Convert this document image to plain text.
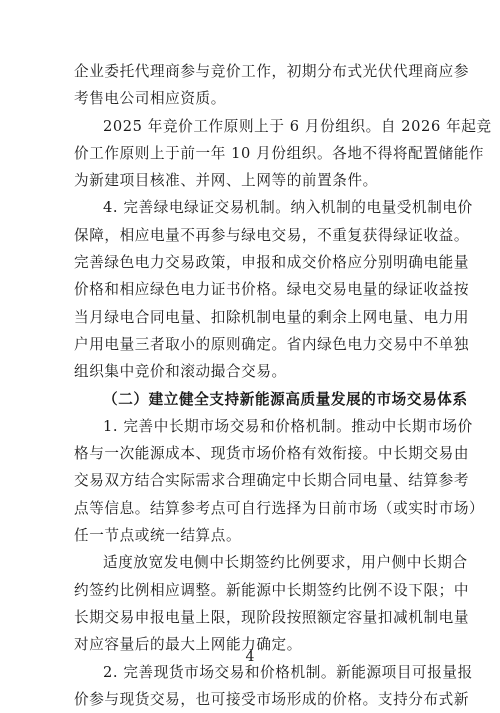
企业委托代理商参与竞价工作，初期分布式光伏代理商应参
考售电公司相应资质。
2025 年竞价工作原则上于 6 月份组织。自 2026 年起竞
价工作原则上于前一年 10 月份组织。各地不得将配置储能作
为新建项目核准、并网、上网等的前置条件。
4. 完善绿电绿证交易机制。纳入机制的电量受机制电价
保障，相应电量不再参与绿电交易，不重复获得绿证收益。
完善绿色电力交易政策，申报和成交价格应分别明确电能量
价格和相应绿色电力证书价格。绿电交易电量的绿证收益按
当月绿电合同电量、扣除机制电量的剩余上网电量、电力用
户用电量三者取小的原则确定。省内绿色电力交易中不单独
组织集中竞价和滚动撮合交易。
（二）建立健全支持新能源高质量发展的市场交易体系
1. 完善中长期市场交易和价格机制。推动中长期市场价
格与一次能源成本、现货市场价格有效衔接。中长期交易由
交易双方结合实际需求合理确定中长期合同电量、结算参考
点等信息。结算参考点可自行选择为日前市场（或实时市场）
任一节点或统一结算点。
适度放宽发电侧中长期签约比例要求，用户侧中长期合
约签约比例相应调整。新能源中长期签约比例不设下限；中
长期交易申报电量上限，现阶段按照额定容量扣减机制电量
对应容量后的最大上网能力确定。
2. 完善现货市场交易和价格机制。新能源项目可报量报
价参与现货交易，也可接受市场形成的价格。支持分布式新
4
